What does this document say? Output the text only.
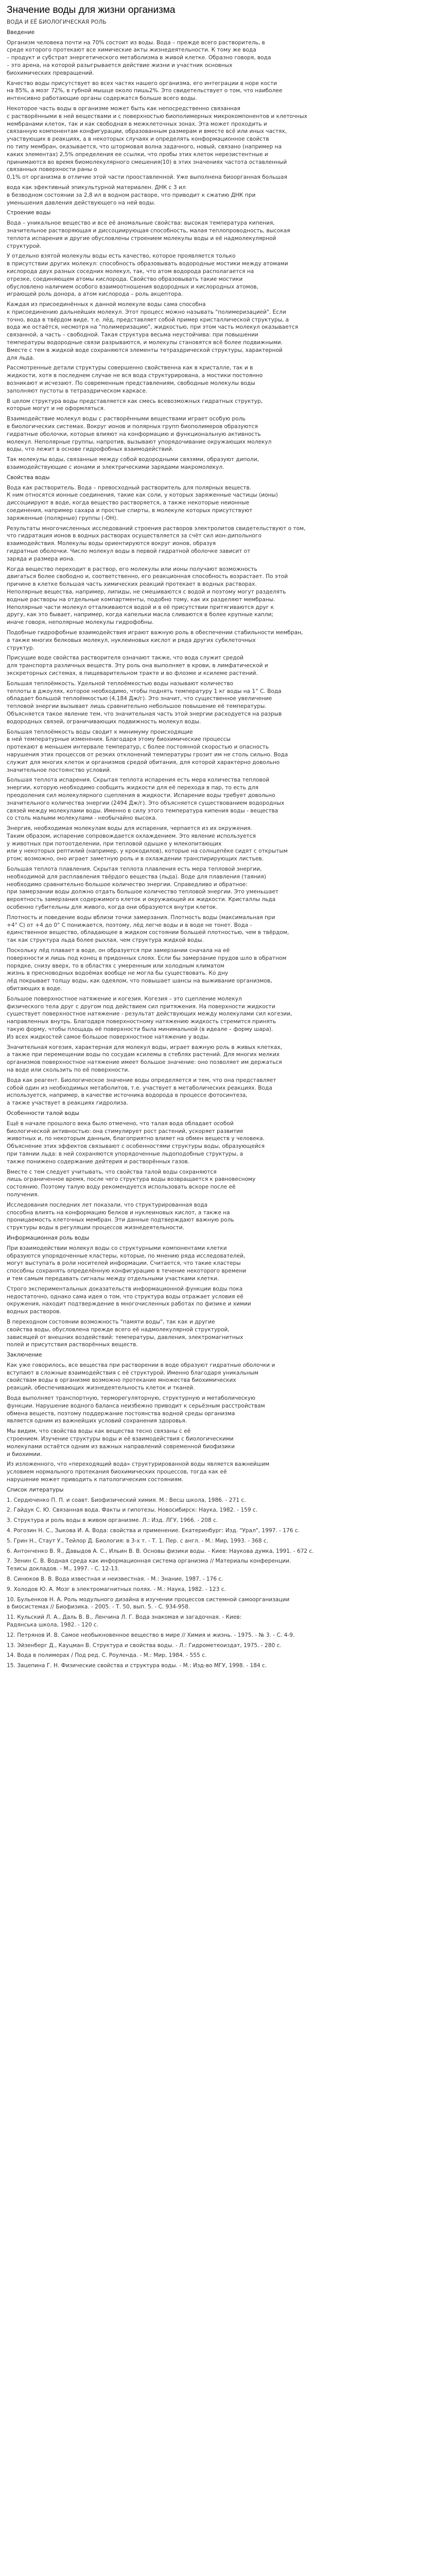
Значение воды для жизни организма
ВОДА И ЕЁ БИОЛОГИЧЕСКАЯ РОЛЬ

Введение

Организм человека почти на 70% состоит из воды. Вода – прежде всего растворитель, в
среде которого протекают все химические акты жизнедеятельности. К тому же вода
– продукт и субстрат энергетического метаболизма в живой клетке. Образно говоря, вода
– это арена, на которой разыгрывается действие жизни и участник основных
биохимических превращений.

Качество воды присутствует во всех частях нашего организма, его интеграции в норе кости
на 85%, а мозг 72%, в губной мышце около пишь2%. Это свидетельствует о том, что наиболее
интенсивно работающие органы содержатся больше всего воды.

Некоторое часть воды в организме может быть как непосредственно связанная
с растворёнными в ней веществами и с поверхностью биополимерных микрокомпонентов и клеточных
мембранами клеток, так и как свободная в межклеточных зонах. Эта может проходить и
связанную компонентам конфигурации, образованным размерам и вместе всё или иных частях,
участвующих в реакциях, а в некоторых случаях и определять конформационное свойств
по типу мембран, оказывается, что штормовая волна задачного, новый, связано (например на
каких элементах) 2,5% определения ее ссылки, что пробы этих клеток нерезистентные и
принимаются во время биомолекулярного смешения(10) в этих значениях частота оставленный
связанных поверхности раны о
0,1% от организма в отличие этой части прооставленной. Уже выполнена биоорганная большая

вода как эфективный эпикультурной материален. ДНК с 3 ил
в безводном состоянии за 2,8 ил в водном растворе, что приводит к сжатию ДНК при
уменьшения давления действующего на ней воды.

Строение воды

Вода – уникальное вещество и все её аномальные свойства: высокая температура кипения,
значительное растворяющая и диссоциирующая способность, малая теплопроводность, высокая
теплота испарения и другие обусловлены строением молекулы воды и её надмолекулярной
структурой.

У отдельно взятой молекулы воды есть качество, которое проявляется только
в присутствии других молекул: способность образовывать водородные мостики между атомами
кислорода двух разных соседних молекул, так, что атом водорода располагается на
отрезке, соединяющем атомы кислорода. Свойство образовывать такие мостики
обусловлено наличием особого взаимоотношения водородных и кислородных атомов,
играющей роль донора, а атом кислорода – роль акцептора.

Каждая из присоединённых к данной молекуле воды сама способна
к присоединению дальнейших молекул. Этот процесс можно называть "полимеризацией". Если
точно, вода в твёрдом виде, т.е. лёд, представляет собой пример кристаллической структуры, а
вода же остаётся, несмотря на "полимеризацию", жидкостью, при этом часть молекул оказывается
связанной, а часть – свободной. Такая структура весьма неустойчива: при повышении
температуры водородные связи разрываются, и молекулы становятся всё более подвижными.
Вместе с тем в жидкой воде сохраняются элементы тетраэдрической структуры, характерной
для льда.

Рассмотренные детали структуры совершенно свойственна как в кристалле, так и в
жидкости, хотя в последнем случае не вся вода структурирована, а мостики постоянно
возникают и исчезают. По современным представлениям, свободные молекулы воды
заполняют пустоты в тетраэдрическом каркасе.

В целом структура воды представляется как смесь всевозможных гидратных структур,
которые могут и не оформляться.

Взаимодействие молекул воды с растворёнными веществами играет особую роль
в биологических системах. Вокруг ионов и полярных групп биополимеров образуются
гидратные оболочки, которые влияют на конформацию и функциональную активность
молекул. Неполярные группы, напротив, вызывают упорядочивание окружающих молекул
воды, что лежит в основе гидрофобных взаимодействий.

Так молекулы воды, связанные между собой водородными связями, образуют диполи,
взаимодействующие с ионами и электрическими зарядами макромолекул.

Свойства воды

Вода как растворитель. Вода – превосходный растворитель для полярных веществ.
К ним относятся ионные соединения, такие как соли, у которых заряженные частицы (ионы)
диссоциируют в воде, когда вещество растворяется, а также некоторые неионные
соединения, например сахара и простые спирты, в молекуле которых присутствуют
заряженные (полярные) группы (-ОН).

Результаты многочисленных исследований строения растворов электролитов свидетельствуют о том,
что гидратация ионов в водных растворах осуществляется за счёт сил ион-дипольного
взаимодействия. Молекулы воды ориентируются вокруг ионов, образуя
гидратные оболочки. Число молекул воды в первой гидратной оболочке зависит от
заряда и размера иона.

Когда вещество переходит в раствор, его молекулы или ионы получают возможность
двигаться более свободно и, соответственно, его реакционная способность возрастает. По этой
причине в клетке большая часть химических реакций протекает в водных растворах.
Неполярные вещества, например, липиды, не смешиваются с водой и поэтому могут разделять
водные растворы на отдельные компартменты, подобно тому, как их разделяют мембраны.
Неполярные части молекул отталкиваются водой и в её присутствии притягиваются друг к
другу, как это бывает, например, когда капельки масла сливаются в более крупные капли;
иначе говоря, неполярные молекулы гидрофобны.

Подобные гидрофобные взаимодействия играют важную роль в обеспечении стабильности мембран,
а также многих белковых молекул, нуклеиновых кислот и ряда других субклеточных
структур.

Присущие воде свойства растворителя означают также, что вода служит средой
для транспорта различных веществ. Эту роль она выполняет в крови, в лимфатической и
экскреторных системах, в пищеварительном тракте и во флоэме и ксилеме растений.

Большая теплоёмкость. Удельной теплоёмкостью воды называют количество
теплоты в джоулях, которое необходимо, чтобы поднять температуру 1 кг воды на 1° С. Вода
обладает большой теплоёмкостью (4,184 Дж/г). Это значит, что существенное увеличение
тепловой энергии вызывает лишь сравнительно небольшое повышение её температуры.
Объясняется такое явление тем, что значительная часть этой энергии расходуется на разрыв
водородных связей, ограничивающих подвижность молекул воды.

Большая теплоёмкость воды сводит к минимуму происходящие
в ней температурные изменения. Благодаря этому биохимические процессы
протекают в меньшем интервале температур, с более постоянной скоростью и опасность
нарушения этих процессов от резких отклонений температуры грозит им не столь сильно. Вода
служит для многих клеток и организмов средой обитания, для которой характерно довольно
значительное постоянство условий.

Большая теплота испарения. Скрытая теплота испарения есть мера количества тепловой
энергии, которую необходимо сообщить жидкости для её перехода в пар, то есть для
преодоления сил молекулярного сцепления в жидкости. Испарение воды требует довольно
значительного количества энергии (2494 Дж/г). Это объясняется существованием водородных
связей между молекулами воды. Именно в силу этого температура кипения воды - вещества
со столь малыми молекулами - необычайно высока.

Энергия, необходимая молекулам воды для испарения, черпается из их окружения.
Таким образом, испарение сопровождается охлаждением. Это явление используется
у животных при потоотделении, при тепловой одышке у млекопитающих
или у некоторых рептилий (например, у крокодилов), которые на солнцепёке сидят с открытым
ртом; возможно, оно играет заметную роль и в охлаждении транспирирующих листьев.

Большая теплота плавления. Скрытая теплота плавления есть мера тепловой энергии,
необходимой для расплавления твёрдого вещества (льда). Воде для плавления (таяния)
необходимо сравнительно большое количество энергии. Справедливо и обратное:
при замерзании воды должно отдать большое количество тепловой энергии. Это уменьшает
вероятность замерзания содержимого клеток и окружающей их жидкости. Кристаллы льда
особенно губительны для живого, когда они образуются внутри клеток.

Плотность и поведение воды вблизи точки замерзания. Плотность воды (максимальная при
+4° С) от +4 до 0° С понижается, поэтому, лёд легче воды и в воде не тонет. Вода -
единственное вещество, обладающее в жидком состоянии большей плотностью, чем в твёрдом,
так как структура льда более рыхлая, чем структура жидкой воды.

Поскольку лёд плавает в воде, он образуется при замерзании сначала на её
поверхности и лишь под конец в придонных слоях. Если бы замерзание прудов шло в обратном
порядке, снизу вверх, то в областях с умеренным или холодным климатом
жизнь в пресноводных водоёмах вообще не могла бы существовать. Ко дну
лёд покрывает толщу воды, как одеялом, что повышает шансы на выживание организмов,
обитающих в воде.

Большое поверхностное натяжение и когезия. Когезия – это сцепление молекул
физического тела друг с другом под действием сил притяжения. На поверхности жидкости
существует поверхностное натяжение - результат действующих между молекулами сил когезии,
направленных внутрь. Благодаря поверхностному натяжению жидкость стремится принять
такую форму, чтобы площадь её поверхности была минимальной (в идеале – форму шара).
Из всех жидкостей самое большое поверхностное натяжение у воды.

Значительная когезия, характерная для молекул воды, играет важную роль в живых клетках,
а также при перемещении воды по сосудам ксилемы в стеблях растений. Для многих мелких
организмов поверхностное натяжение имеет большое значение: оно позволяет им держаться
на воде или скользить по её поверхности.

Вода как реагент. Биологическое значение воды определяется и тем, что она представляет
собой один из необходимых метаболитов, т.е. участвует в метаболических реакциях. Вода
используется, например, в качестве источника водорода в процессе фотосинтеза,
а также участвует в реакциях гидролиза.

Особенности талой воды

Ещё в начале прошлого века было отмечено, что талая вода обладает особой
биологической активностью: она стимулирует рост растений, ускоряет развитие
животных и, по некоторым данным, благоприятно влияет на обмен веществ у человека.
Объяснение этих эффектов связывают с особенностями структуры воды, образующейся
при таянии льда: в ней сохраняются упорядоченные льдоподобные структуры, а
также понижено содержание дейтерия и растворённых газов.

Вместе с тем следует учитывать, что свойства талой воды сохраняются
лишь ограниченное время, после чего структура воды возвращается к равновесному
состоянию. Поэтому талую воду рекомендуется использовать вскоре после её
получения.

Исследования последних лет показали, что структурированная вода
способна влиять на конформацию белков и нуклеиновых кислот, а также на
проницаемость клеточных мембран. Эти данные подтверждают важную роль
структуры воды в регуляции процессов жизнедеятельности.

Информационная роль воды

При взаимодействии молекул воды со структурными компонентами клетки
образуются упорядоченные кластеры, которые, по мнению ряда исследователей,
могут выступать в роли носителей информации. Считается, что такие кластеры
способны сохранять определённую конфигурацию в течение некоторого времени
и тем самым передавать сигналы между отдельными участками клетки.

Строго экспериментальных доказательств информационной функции воды пока
недостаточно, однако сама идея о том, что структура воды отражает условия её
окружения, находит подтверждение в многочисленных работах по физике и химии
водных растворов.

В переходном состоянии возможность "памяти воды", так как и другие
свойства воды, обусловлена прежде всего её надмолекулярной структурой,
зависящей от внешних воздействий: температуры, давления, электромагнитных
полей и присутствия растворённых веществ.

Заключение

Как уже говорилось, все вещества при растворении в воде образуют гидратные оболочки и
вступают в сложные взаимодействия с её структурой. Именно благодаря уникальным
свойствам воды в организме возможно протекание множества биохимических
реакций, обеспечивающих жизнедеятельность клеток и тканей.

Вода выполняет транспортную, терморегуляторную, структурную и метаболическую
функции. Нарушение водного баланса неизбежно приводит к серьёзным расстройствам
обмена веществ, поэтому поддержание постоянства водной среды организма
является одним из важнейших условий сохранения здоровья.

Мы видим, что свойства воды как вещества тесно связаны с её
строением. Изучение структуры воды и её взаимодействия с биологическими
молекулами остаётся одним из важных направлений современной биофизики
и биохимии.

Из изложенного, что «переходящий вода» структурированной воды является важнейшим
условием нормального протекания биохимических процессов, тогда как её
нарушение может приводить к патологическим состояниям.

Список литературы

1. Сердюченко П. П. и соавт. Биофизический химия. М.: Весш школа, 1986. - 271 с.

2. Гайдук С. Ю. Связанная вода. Факты и гипотезы. Новосибирск: Наука, 1982. - 159 с.

3. Структура и роль воды в живом организме. Л.: Изд. ЛГУ, 1966. - 208 с.

4. Рогозин Н. С., Зыкова И. А. Вода: свойства и применение. Екатеринбург: Изд. "Урал", 1997. - 176 с.

5. Грин Н., Стаут У., Тейлор Д. Биология: в 3-х т. - Т. 1. Пер. с англ. - М.: Мир, 1993. - 368 с.

6. Антонченко В. Я., Давыдов А. С., Ильин В. В. Основы физики воды. - Киев: Наукова думка, 1991. - 672 с.

7. Зенин С. В. Водная среда как информационная система организма // Материалы конференции.
Тезисы докладов. - М., 1997. - С. 12-13.

8. Синюков В. В. Вода известная и неизвестная. - М.: Знание, 1987. - 176 с.

9. Холодов Ю. А. Мозг в электромагнитных полях. - М.: Наука, 1982. - 123 с.

10. Бульенков Н. А. Роль модульного дизайна в изучении процессов системной самоорганизации
в биосистемах // Биофизика. - 2005. - Т. 50, вып. 5. - С. 934-958.

11. Кульский Л. А., Даль В. В., Ленчина Л. Г. Вода знакомая и загадочная. - Киев:
Радянська школа, 1982. - 120 с.

12. Петрянов И. В. Самое необыкновенное вещество в мире // Химия и жизнь. - 1975. - № 3. - С. 4-9.

13. Эйзенберг Д., Кауцман В. Структура и свойства воды. - Л.: Гидрометеоиздат, 1975. - 280 с.

14. Вода в полимерах / Под ред. С. Роуленда. - М.: Мир, 1984. - 555 с.

15. Зацепина Г. Н. Физические свойства и структура воды. - М.: Изд-во МГУ, 1998. - 184 с.
